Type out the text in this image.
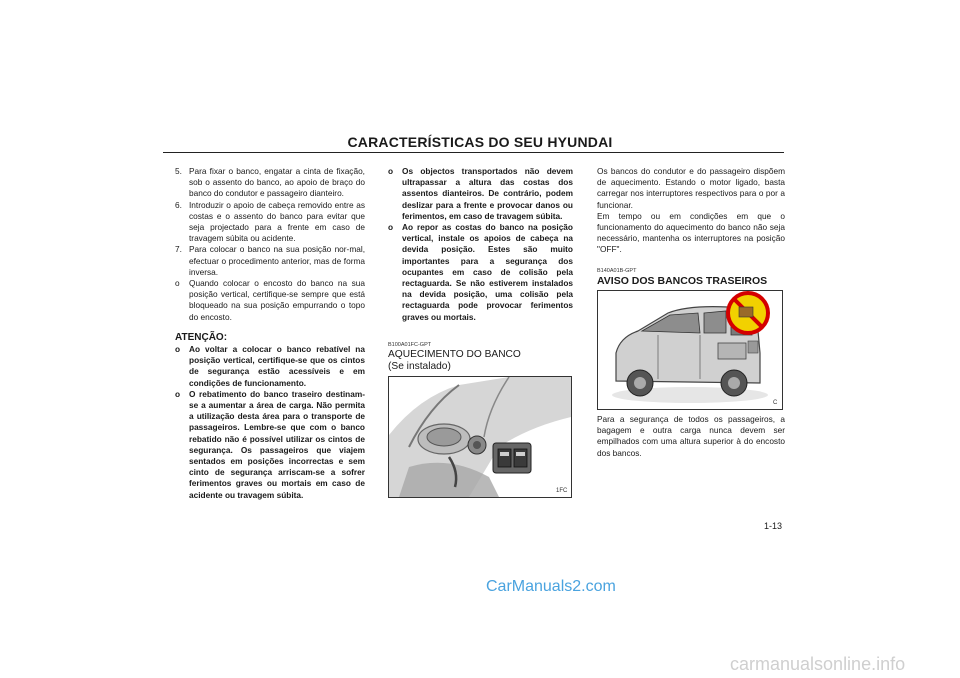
CARACTERÍSTICAS DO SEU HYUNDAI
5. Para fixar o banco, engatar a cinta de fixação, sob o assento do banco, ao apoio de braço do banco do condutor e passageiro dianteiro.
6. Introduzir o apoio de cabeça removido entre as costas e o assento do banco para evitar que seja projectado para a frente em caso de travagem súbita ou acidente.
7. Para colocar o banco na sua posição nor-mal, efectuar o procedimento anterior, mas de forma inversa.
o Quando colocar o encosto do banco na sua posição vertical, certifique-se sempre que está bloqueado na sua posição empurrando o topo do encosto.
ATENÇÃO:
o Ao voltar a colocar o banco rebatível na posição vertical, certifique-se que os cintos de segurança estão acessíveis e em condições de funcionamento.
o O rebatimento do banco traseiro destinam-se a aumentar a área de carga. Não permita a utilização desta área para o transporte de passageiros. Lembre-se que com o banco rebatido não é possível utilizar os cintos de segurança. Os passageiros que viajem sentados em posições incorrectas e sem cinto de segurança arriscam-se a sofrer ferimentos graves ou mortais em caso de acidente ou travagem súbita.
o Os objectos transportados não devem ultrapassar a altura das costas dos assentos dianteiros. De contrário, podem deslizar para a frente e provocar danos ou ferimentos, em caso de travagem súbita.
o Ao repor as costas do banco na posição vertical, instale os apoios de cabeça na devida posição. Estes são muito importantes para a segurança dos ocupantes em caso de colisão pela rectaguarda. Se não estiverem instalados na devida posição, uma colisão pela rectaguarda pode provocar ferimentos graves ou mortais.
B100A01FC-GPT
AQUECIMENTO DO BANCO
(Se instalado)
1FC
Os bancos do condutor e do passageiro dispõem de aquecimento. Estando o motor ligado, basta carregar nos interruptores respectivos para o por a funcionar.
Em tempo ou em condições em que o funcionamento do aquecimento do banco não seja necessário, mantenha os interruptores na posição "OFF".
B140A01B-GPT
AVISO DOS BANCOS TRASEIROS
C
Para a segurança de todos os passageiros, a bagagem e outra carga nunca devem ser empilhados com uma altura superior à do encosto dos bancos.
1-13
CarManuals2.com
carmanualsonline.info
